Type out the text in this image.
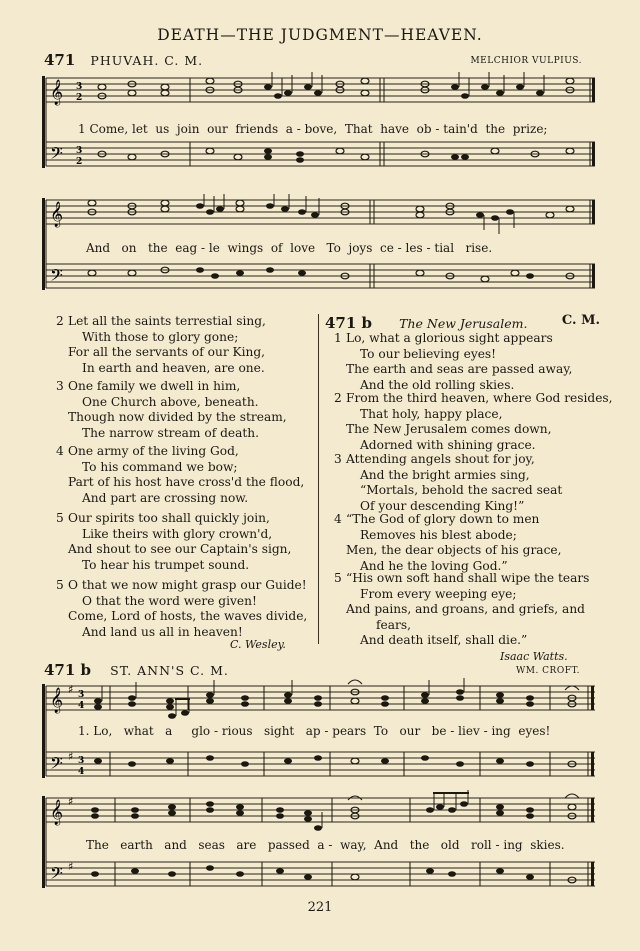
DEATH—THE JUDGMENT—HEAVEN.
471 PHUVAH. C. M.	MELCHIOR VULPIUS.
𝄞
𝄢
3
2
3
2
1 Come, let us join our friends a - bove, That have ob - tain'd the prize;
𝄞
𝄢
And on the eag - le wings of love To joys ce - les - tial rise.
2 Let all the saints terrestial sing,
With those to glory gone;
For all the servants of our King,
In earth and heaven, are one.
3 One family we dwell in him,
One Church above, beneath.
Though now divided by the stream,
The narrow stream of death.
4 One army of the living God,
To his command we bow;
Part of his host have cross'd the flood,
And part are crossing now.
5 Our spirits too shall quickly join,
Like theirs with glory crown'd,
And shout to see our Captain's sign,
To hear his trumpet sound.
5 O that we now might grasp our Guide!
O that the word were given!
Come, Lord of hosts, the waves divide,
And land us all in heaven!
C. Wesley.
471 b The New Jerusalem.	C. M.
1 Lo, what a glorious sight appears
To our believing eyes!
The earth and seas are passed away,
And the old rolling skies.
2 From the third heaven, where God resides,
That holy, happy place,
The New Jerusalem comes down,
Adorned with shining grace.
3 Attending angels shout for joy,
And the bright armies sing,
“Mortals, behold the sacred seat
Of your descending King!”
4 “The God of glory down to men
Removes his blest abode;
Men, the dear objects of his grace,
And he the loving God.”
5 “His own soft hand shall wipe the tears
From every weeping eye;
And pains, and groans, and griefs, and
fears,
And death itself, shall die.”
Isaac Watts.
471 b ST. ANN'S C. M.	WM. CROFT.
𝄞
𝄢
♯
♯
3
4
3
4
1. Lo, what a glo - rious sight ap - pears To our be - liev - ing eyes!
𝄞
𝄢
♯
♯
The earth and seas are passed a - way, And the old roll - ing skies.
221
